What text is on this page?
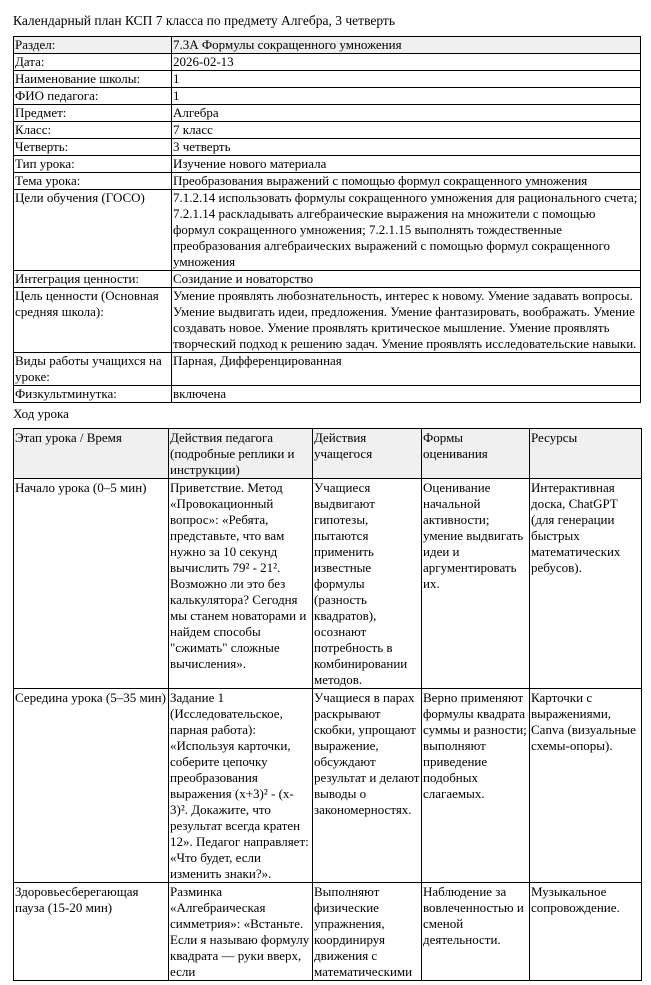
Календарный план КСП 7 класса по предмету Алгебра, 3 четверть
Раздел:	7.3А Формулы сокращенного умножения
Дата:	2026-02-13
Наименование школы:	1
ФИО педагога:	1
Предмет:	Алгебра
Класс:	7 класс
Четверть:	3 четверть
Тип урока:	Изучение нового материала
Тема урока:	Преобразования выражений с помощью формул сокращенного умножения
Цели обучения (ГОСО)	7.1.2.14 использовать формулы сокращенного умножения для рационального счета; 7.2.1.14 раскладывать алгебраические выражения на множители с помощью формул сокращенного умножения; 7.2.1.15 выполнять тождественные преобразования алгебраических выражений с помощью формул сокращенного умножения
Интеграция ценности:	Созидание и новаторство
Цель ценности (Основная средняя школа):	Умение проявлять любознательность, интерес к новому. Умение задавать вопросы. Умение выдвигать идеи, предложения. Умение фантазировать, воображать. Умение создавать новое. Умение проявлять критическое мышление. Умение проявлять творческий подход к решению задач. Умение проявлять исследовательские навыки.
Виды работы учащихся на уроке:	Парная, Дифференцированная
Физкультминутка:	включена
Ход урока
Этап урока / Время	Действия педагога (подробные реплики и инструкции)	Действия учащегося	Формы оценивания	Ресурсы

Начало урока (0–5 мин)	Приветствие. Метод «Провокационный вопрос»: «Ребята, представьте, что вам нужно за 10 секунд вычислить 79² - 21². Возможно ли это без калькулятора? Сегодня мы станем новаторами и найдем способы "сжимать" сложные вычисления».	Учащиеся выдвигают гипотезы, пытаются применить известные формулы (разность квадратов), осознают потребность в комбинировании методов.	Оценивание начальной активности; умение выдвигать идеи и аргументировать их.	Интерактивная доска, ChatGPT (для генерации быстрых математических ребусов).

Середина урока (5–35 мин)	Задание 1 (Исследовательское, парная работа): «Используя карточки, соберите цепочку преобразования выражения (x+3)² - (x-3)². Докажите, что результат всегда кратен 12». Педагог направляет: «Что будет, если изменить знаки?».	Учащиеся в парах раскрывают скобки, упрощают выражение, обсуждают результат и делают выводы о закономерностях.	Верно применяют формулы квадрата суммы и разности; выполняют приведение подобных слагаемых.	Карточки с выражениями, Canva (визуальные схемы-опоры).

Здоровьесберегающая пауза (15-20 мин)	Разминка «Алгебраическая симметрия»: «Встаньте. Если я называю формулу квадрата — руки вверх, если	Выполняют физические упражнения, координируя движения с математическими	Наблюдение за вовлеченностью и сменой деятельности.	Музыкальное сопровождение.
